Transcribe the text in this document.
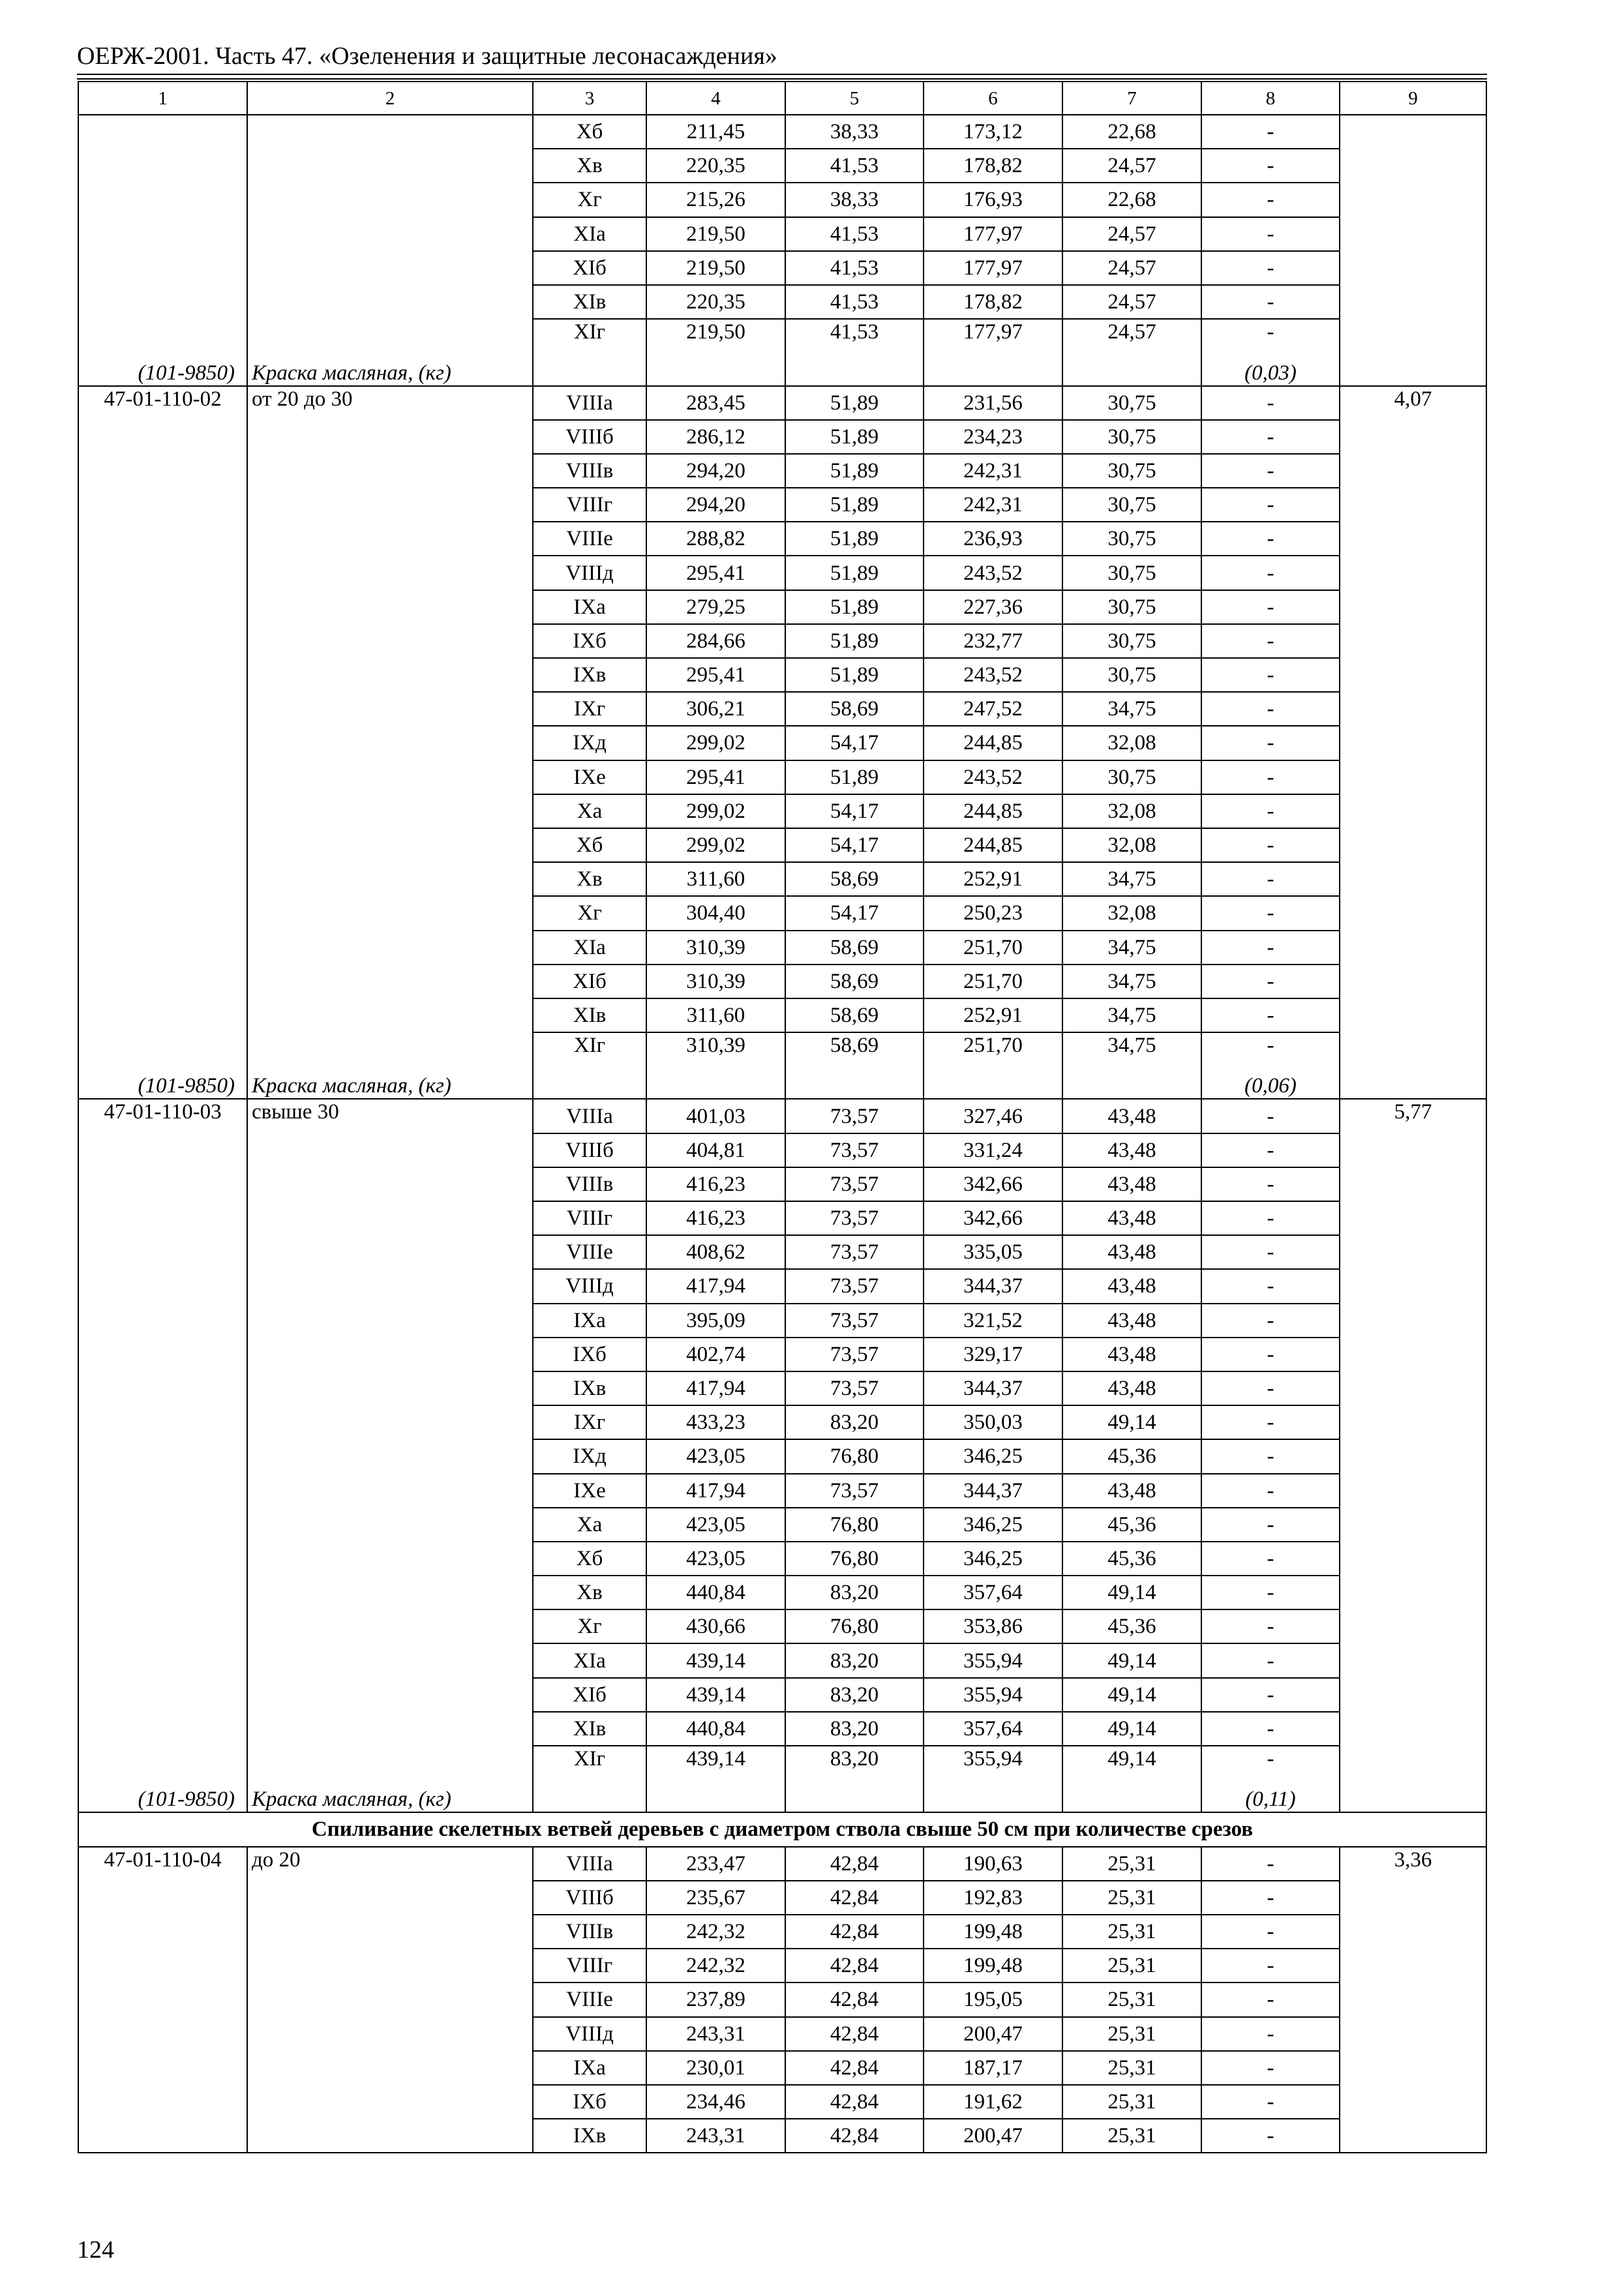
ОЕРЖ-2001. Часть 47. «Озеленения и защитные лесонасаждения»
1	2	3	4	5	6	7	8	9
		Xб	211,45	38,33	173,12	22,68	-	
		Xв	220,35	41,53	178,82	24,57	-	
		Xг	215,26	38,33	176,93	22,68	-	
		XIа	219,50	41,53	177,97	24,57	-	
		XIб	219,50	41,53	177,97	24,57	-	
		XIв	220,35	41,53	178,82	24,57	-	
		XIг	219,50	41,53	177,97	24,57	-	
(101-9850)	Краска масляная, (кг)						(0,03)	
47-01-110-02	от 20 до 30	VIIIа	283,45	51,89	231,56	30,75	-	4,07
		VIIIб	286,12	51,89	234,23	30,75	-	
		VIIIв	294,20	51,89	242,31	30,75	-	
		VIIIг	294,20	51,89	242,31	30,75	-	
		VIIIе	288,82	51,89	236,93	30,75	-	
		VIIIд	295,41	51,89	243,52	30,75	-	
		IXа	279,25	51,89	227,36	30,75	-	
		IXб	284,66	51,89	232,77	30,75	-	
		IXв	295,41	51,89	243,52	30,75	-	
		IXг	306,21	58,69	247,52	34,75	-	
		IXд	299,02	54,17	244,85	32,08	-	
		IXе	295,41	51,89	243,52	30,75	-	
		Xа	299,02	54,17	244,85	32,08	-	
		Xб	299,02	54,17	244,85	32,08	-	
		Xв	311,60	58,69	252,91	34,75	-	
		Xг	304,40	54,17	250,23	32,08	-	
		XIа	310,39	58,69	251,70	34,75	-	
		XIб	310,39	58,69	251,70	34,75	-	
		XIв	311,60	58,69	252,91	34,75	-	
		XIг	310,39	58,69	251,70	34,75	-	
(101-9850)	Краска масляная, (кг)						(0,06)	
47-01-110-03	свыше 30	VIIIа	401,03	73,57	327,46	43,48	-	5,77
		VIIIб	404,81	73,57	331,24	43,48	-	
		VIIIв	416,23	73,57	342,66	43,48	-	
		VIIIг	416,23	73,57	342,66	43,48	-	
		VIIIе	408,62	73,57	335,05	43,48	-	
		VIIIд	417,94	73,57	344,37	43,48	-	
		IXа	395,09	73,57	321,52	43,48	-	
		IXб	402,74	73,57	329,17	43,48	-	
		IXв	417,94	73,57	344,37	43,48	-	
		IXг	433,23	83,20	350,03	49,14	-	
		IXд	423,05	76,80	346,25	45,36	-	
		IXе	417,94	73,57	344,37	43,48	-	
		Xа	423,05	76,80	346,25	45,36	-	
		Xб	423,05	76,80	346,25	45,36	-	
		Xв	440,84	83,20	357,64	49,14	-	
		Xг	430,66	76,80	353,86	45,36	-	
		XIа	439,14	83,20	355,94	49,14	-	
		XIб	439,14	83,20	355,94	49,14	-	
		XIв	440,84	83,20	357,64	49,14	-	
		XIг	439,14	83,20	355,94	49,14	-	
(101-9850)	Краска масляная, (кг)						(0,11)	
Спиливание скелетных ветвей деревьев с диаметром ствола свыше 50 см при количестве срезов								
47-01-110-04	до 20	VIIIа	233,47	42,84	190,63	25,31	-	3,36
		VIIIб	235,67	42,84	192,83	25,31	-	
		VIIIв	242,32	42,84	199,48	25,31	-	
		VIIIг	242,32	42,84	199,48	25,31	-	
		VIIIе	237,89	42,84	195,05	25,31	-	
		VIIIд	243,31	42,84	200,47	25,31	-	
		IXа	230,01	42,84	187,17	25,31	-	
		IXб	234,46	42,84	191,62	25,31	-	
		IXв	243,31	42,84	200,47	25,31	-	
124
